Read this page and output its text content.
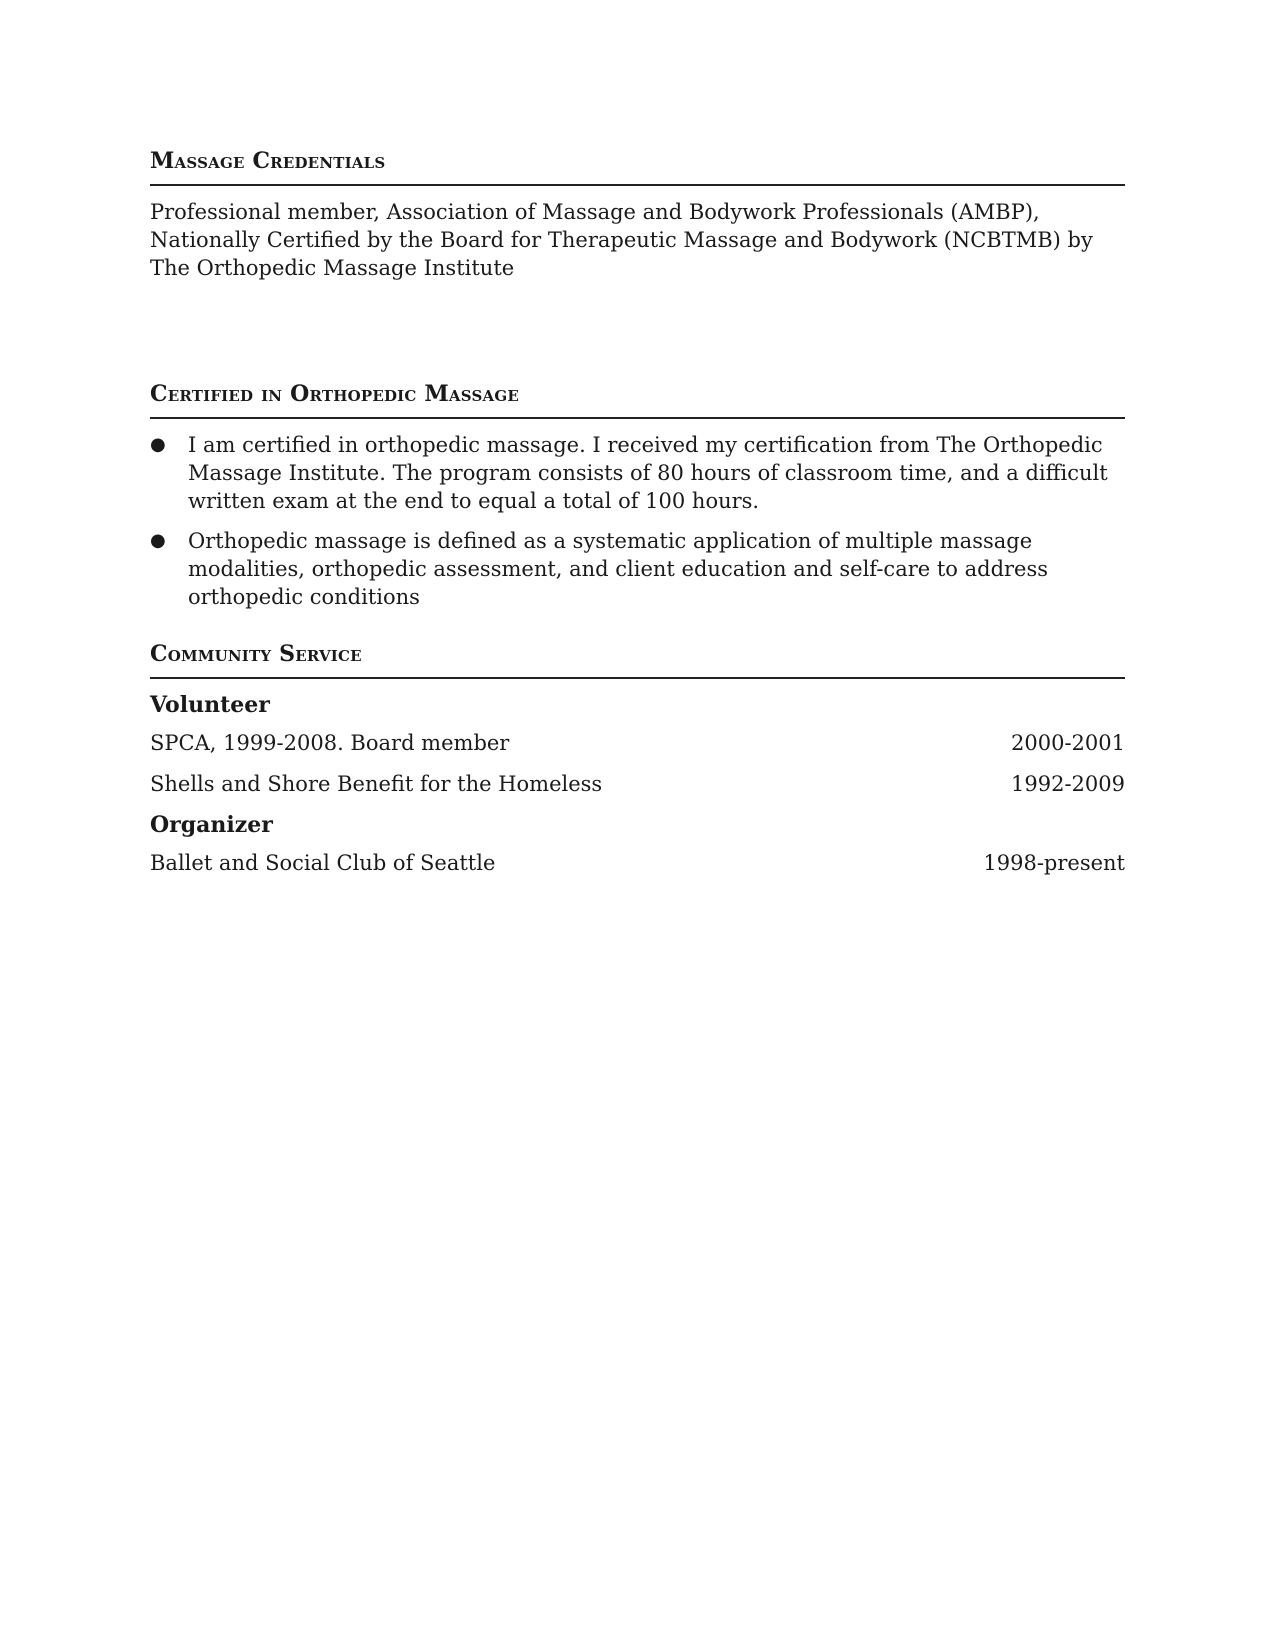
Massage Credentials

Professional member, Association of Massage and Bodywork Professionals (AMBP), Nationally Certified by the Board for Therapeutic Massage and Bodywork (NCBTMB) by The Orthopedic Massage Institute

Certified in Orthopedic Massage
● I am certified in orthopedic massage. I received my certification from The Orthopedic Massage Institute. The program consists of 80 hours of classroom time, and a difficult written exam at the end to equal a total of 100 hours.
● Orthopedic massage is defined as a systematic application of multiple massage modalities, orthopedic assessment, and client education and self-care to address orthopedic conditions
Community Service
Volunteer
SPCA, 1999-2008. Board member	2000-2001
Shells and Shore Benefit for the Homeless	1992-2009
Organizer
Ballet and Social Club of Seattle	1998-present
